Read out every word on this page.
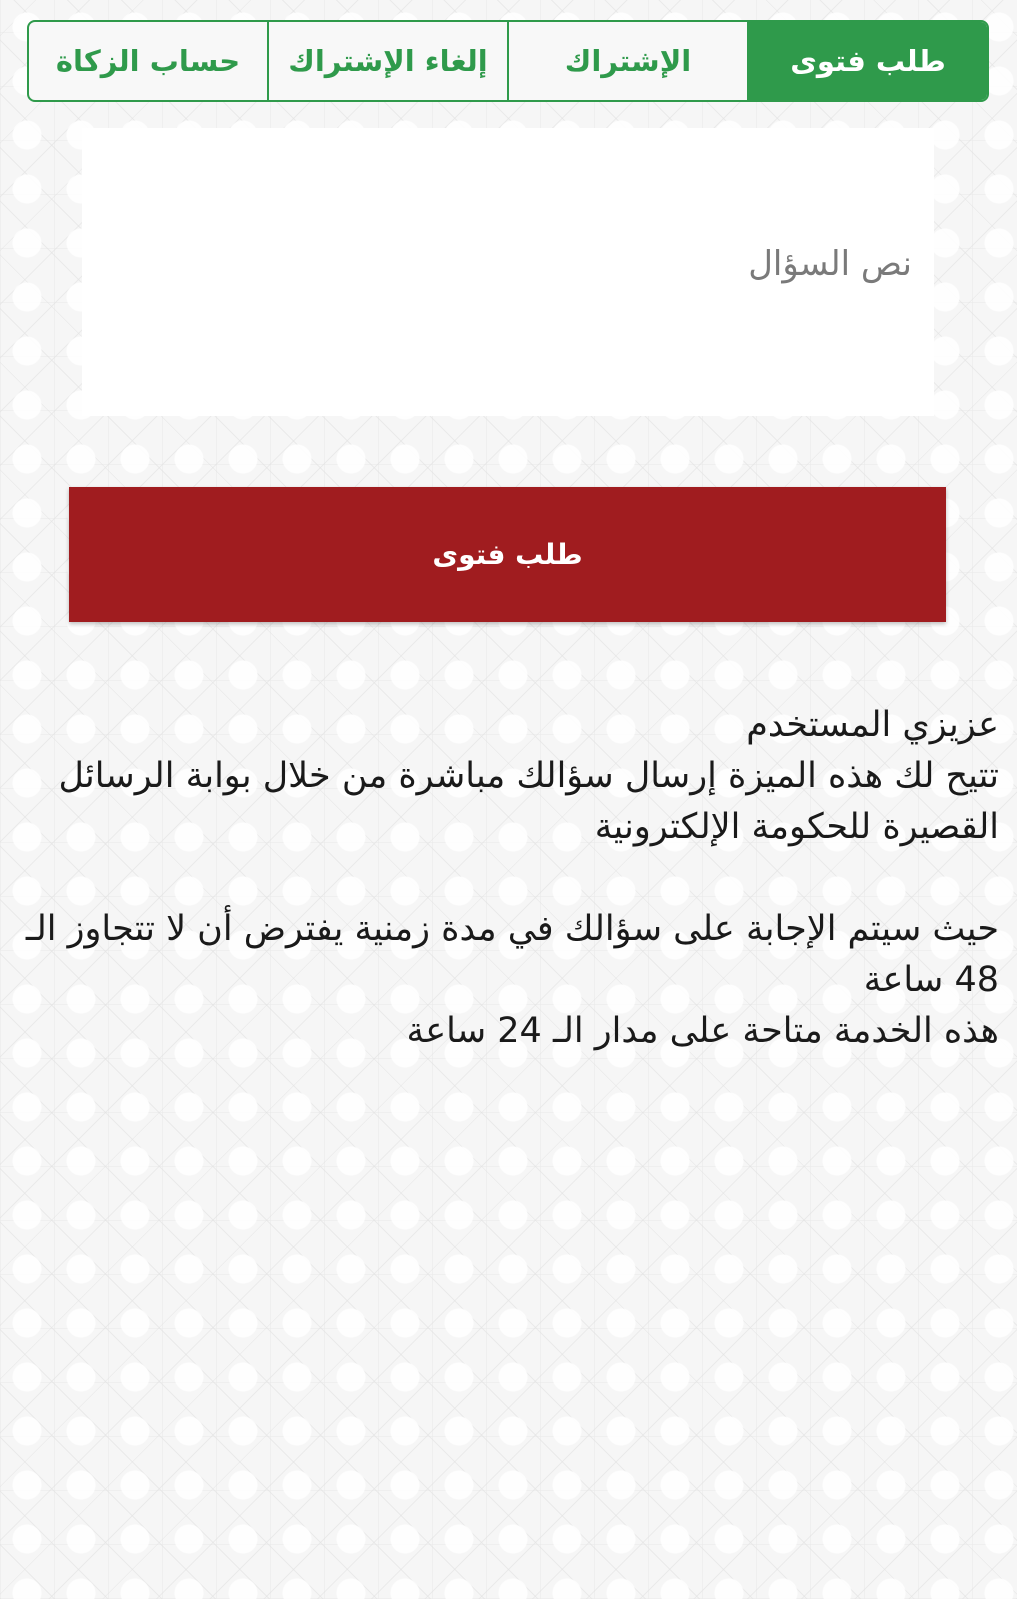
طلب فتوى
الإشتراك
إلغاء الإشتراك
حساب الزكاة
نص السؤال
طلب فتوى

عزيزي المستخدم

تتيح لك هذه الميزة إرسال سؤالك مباشرة من خلال بوابة الرسائل القصيرة للحكومة الإلكترونية

حيث سيتم الإجابة على سؤالك في مدة زمنية يفترض أن لا تتجاوز الـ 48 ساعة

هذه الخدمة متاحة على مدار الـ 24 ساعة
